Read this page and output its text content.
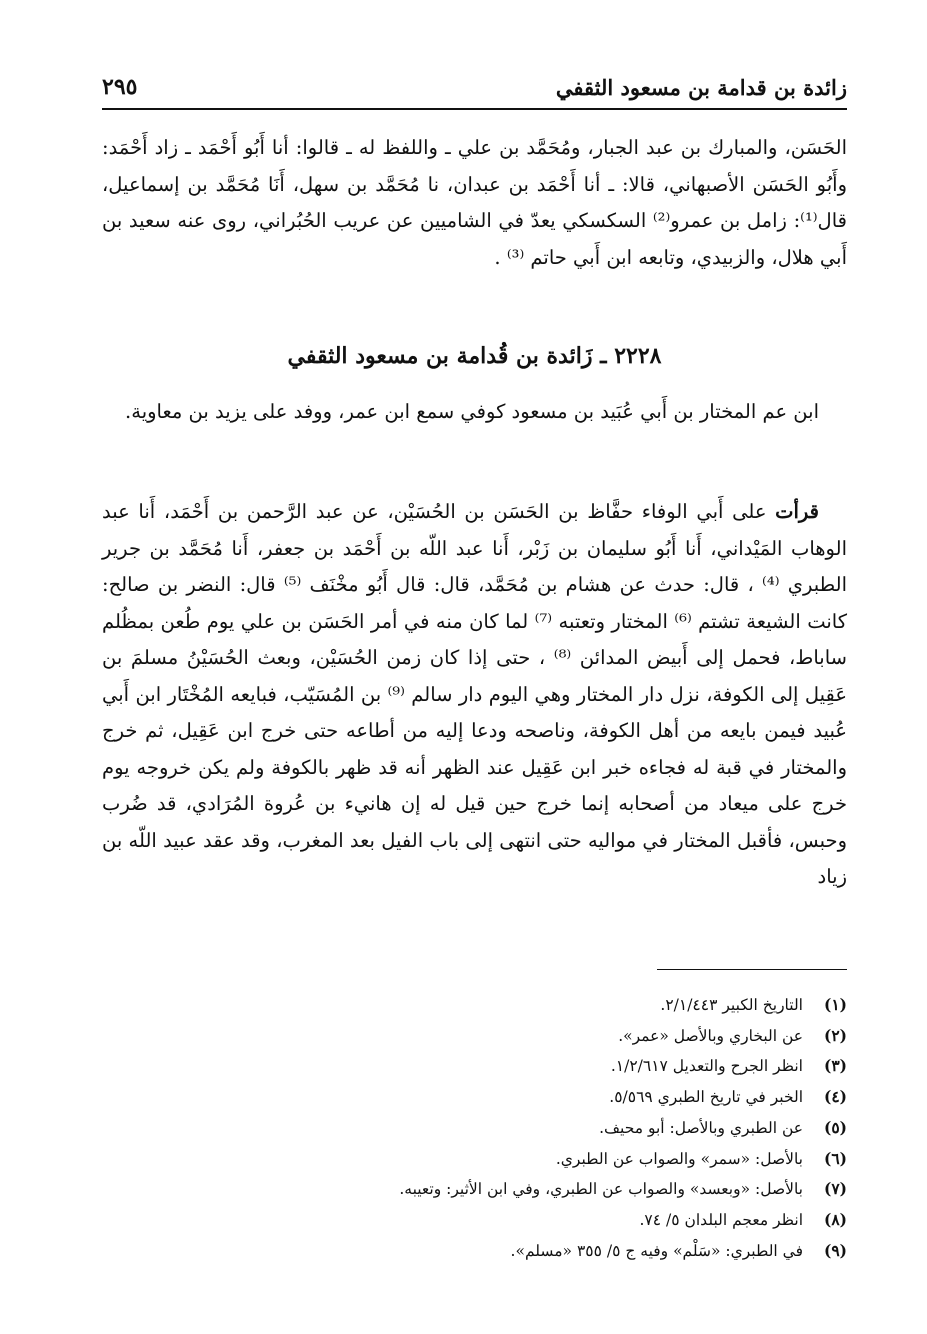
زائدة بن قدامة بن مسعود الثقفي
٢٩٥

الحَسَن، والمبارك بن عبد الجبار، ومُحَمَّد بن علي ـ واللفظ له ـ قالوا: أنا أَبُو أَحْمَد ـ زاد أَحْمَد: وأَبُو الحَسَن الأصبهاني، قالا: ـ أنا أَحْمَد بن عبدان، نا مُحَمَّد بن سهل، أَنَا مُحَمَّد بن إسماعيل، قال⁽¹⁾: زامل بن عمرو⁽²⁾ السكسكي يعدّ في الشاميين عن عريب الحُبُراني، روى عنه سعيد بن أَبي هلال، والزبيدي، وتابعه ابن أَبي حاتم ⁽³⁾ .

٢٢٢٨ ـ زَائدة بن قُدامة بن مسعود الثقفي

ابن عم المختار بن أَبي عُبَيد بن مسعود كوفي سمع ابن عمر، ووفد على يزيد بن معاوية.

قرأت على أَبي الوفاء حفَّاظ بن الحَسَن بن الحُسَيْن، عن عبد الرَّحمن بن أَحْمَد، أَنا عبد الوهاب المَيْداني، أَنا أَبُو سليمان بن زَبْر، أَنا عبد اللّه بن أَحْمَد بن جعفر، أَنا مُحَمَّد بن جرير الطبري ⁽⁴⁾ ، قال: حدث عن هشام بن مُحَمَّد، قال: قال أَبُو مخْنَف ⁽⁵⁾ قال: النضر بن صالح: كانت الشيعة تشتم ⁽⁶⁾ المختار وتعتبه ⁽⁷⁾ لما كان منه في أمر الحَسَن بن علي يوم طُعن بمظُلم ساباط، فحمل إلى أَبيض المدائن ⁽⁸⁾ ، حتى إذا كان زمن الحُسَيْن، وبعث الحُسَيْنُ مسلمَ بن عَقِيل إلى الكوفة، نزل دار المختار وهي اليوم دار سالم ⁽⁹⁾ بن المُسَيّب، فبايعه المُخْتَار ابن أَبي عُبيد فيمن بايعه من أهل الكوفة، وناصحه ودعا إليه من أطاعه حتى خرج ابن عَقِيل، ثم خرج والمختار في قبة له فجاءه خبر ابن عَقِيل عند الظهر أنه قد ظهر بالكوفة ولم يكن خروجه يوم خرج على ميعاد من أصحابه إنما خرج حين قيل له إن هانيء بن عُروة المُرَادي، قد ضُرب وحبس، فأقبل المختار في مواليه حتى انتهى إلى باب الفيل بعد المغرب، وقد عقد عبيد اللّه بن زياد

(١)
التاريخ الكبير ٢/١/٤٤٣.
(٢)
عن البخاري وبالأصل «عمر».
(٣)
انظر الجرح والتعديل ١/٢/٦١٧.
(٤)
الخبر في تاريخ الطبري ٥/٥٦٩.
(٥)
عن الطبري وبالأصل: أبو محيف.
(٦)
بالأصل: «سمر» والصواب عن الطبري.
(٧)
بالأصل: «وبعسد» والصواب عن الطبري، وفي ابن الأثير: وتعيبه.
(٨)
انظر معجم البلدان ٥/ ٧٤.
(٩)
في الطبري: «سَلْم» وفيه ج ٥/ ٣٥٥ «مسلم».
